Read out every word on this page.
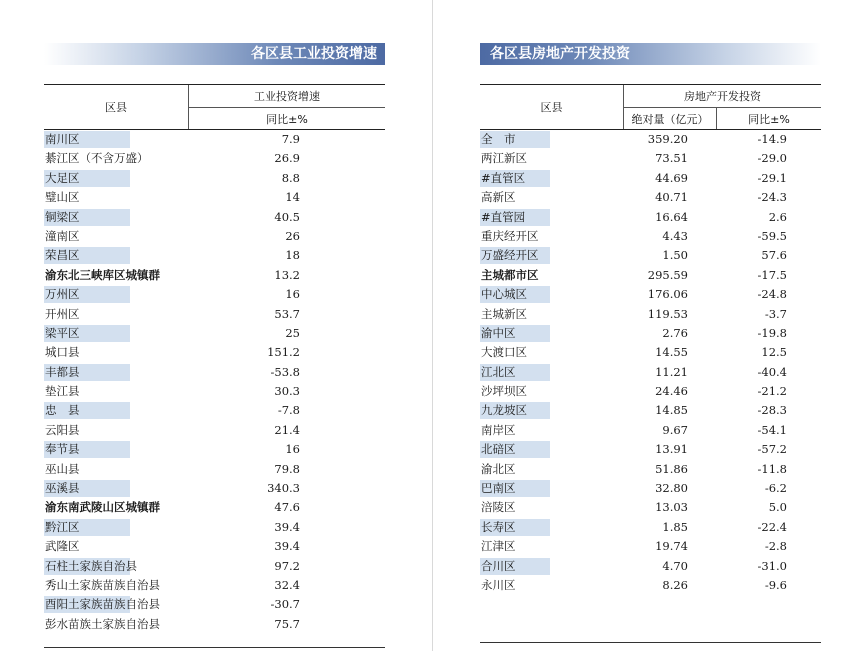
各区县工业投资增速
区县
工业投资增速
同比±%
南川区	7.9
綦江区（不含万盛）	26.9
大足区	8.8
璧山区	14
铜梁区	40.5
潼南区	26
荣昌区	18
渝东北三峡库区城镇群	13.2
万州区	16
开州区	53.7
梁平区	25
城口县	151.2
丰都县	-53.8
垫江县	30.3
忠　县	-7.8
云阳县	21.4
奉节县	16
巫山县	79.8
巫溪县	340.3
渝东南武陵山区城镇群	47.6
黔江区	39.4
武隆区	39.4
石柱土家族自治县	97.2
秀山土家族苗族自治县	32.4
酉阳土家族苗族自治县	-30.7
彭水苗族土家族自治县	75.7
各区县房地产开发投资
区县
房地产开发投资
绝对量（亿元）	同比±%
全　市	359.20	-14.9
两江新区	73.51	-29.0
#直管区	44.69	-29.1
高新区	40.71	-24.3
#直管园	16.64	2.6
重庆经开区	4.43	-59.5
万盛经开区	1.50	57.6
主城都市区	295.59	-17.5
中心城区	176.06	-24.8
主城新区	119.53	-3.7
渝中区	2.76	-19.8
大渡口区	14.55	12.5
江北区	11.21	-40.4
沙坪坝区	24.46	-21.2
九龙坡区	14.85	-28.3
南岸区	9.67	-54.1
北碚区	13.91	-57.2
渝北区	51.86	-11.8
巴南区	32.80	-6.2
涪陵区	13.03	5.0
长寿区	1.85	-22.4
江津区	19.74	-2.8
合川区	4.70	-31.0
永川区	8.26	-9.6
